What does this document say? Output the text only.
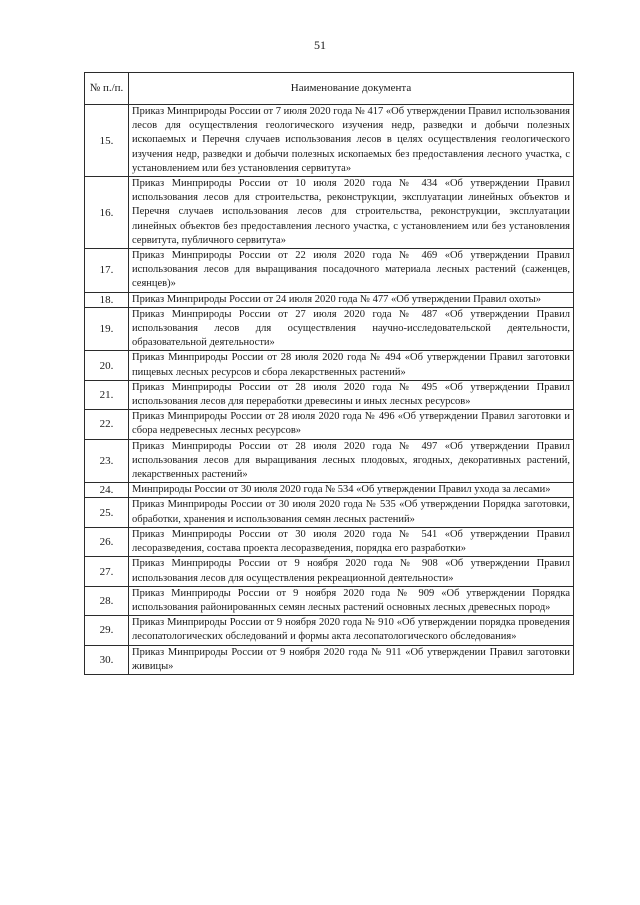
51
№ п./п.	Наименование документа
15.	Приказ Минприроды России от 7 июля 2020 года № 417 «Об утверждении Правил использования лесов для осуществления геологического изучения недр, разведки и добычи полезных ископаемых и Перечня случаев использования лесов в целях осуществления геологического изучения недр, разведки и добычи полезных ископаемых без предоставления лесного участка, с установлением или без установления сервитута»
16.	Приказ Минприроды России от 10 июля 2020 года № 434 «Об утверждении Правил использования лесов для строительства, реконструкции, эксплуатации линейных объектов и Перечня случаев использования лесов для строительства, реконструкции, эксплуатации линейных объектов без предоставления лесного участка, с установлением или без установления сервитута, публичного сервитута»
17.	Приказ Минприроды России от 22 июля 2020 года № 469 «Об утверждении Правил использования лесов для выращивания посадочного материала лесных растений (саженцев, сеянцев)»
18.	Приказ Минприроды России от 24 июля 2020 года № 477 «Об утверждении Правил охоты»
19.	Приказ Минприроды России от 27 июля 2020 года № 487 «Об утверждении Правил использования лесов для осуществления научно-исследовательской деятельности, образовательной деятельности»
20.	Приказ Минприроды России от 28 июля 2020 года № 494 «Об утверждении Правил заготовки пищевых лесных ресурсов и сбора лекарственных растений»
21.	Приказ Минприроды России от 28 июля 2020 года № 495 «Об утверждении Правил использования лесов для переработки древесины и иных лесных ресурсов»
22.	Приказ Минприроды России от 28 июля 2020 года № 496 «Об утверждении Правил заготовки и сбора недревесных лесных ресурсов»
23.	Приказ Минприроды России от 28 июля 2020 года № 497 «Об утверждении Правил использования лесов для выращивания лесных плодовых, ягодных, декоративных растений, лекарственных растений»
24.	Минприроды России от 30 июля 2020 года № 534 «Об утверждении Правил ухода за лесами»
25.	Приказ Минприроды России от 30 июля 2020 года № 535 «Об утверждении Порядка заготовки, обработки, хранения и использования семян лесных растений»
26.	Приказ Минприроды России от 30 июля 2020 года № 541 «Об утверждении Правил лесоразведения, состава проекта лесоразведения, порядка его разработки»
27.	Приказ Минприроды России от 9 ноября 2020 года № 908 «Об утверждении Правил использования лесов для осуществления рекреационной деятельности»
28.	Приказ Минприроды России от 9 ноября 2020 года № 909 «Об утверждении Порядка использования районированных семян лесных растений основных лесных древесных пород»
29.	Приказ Минприроды России от 9 ноября 2020 года № 910 «Об утверждении порядка проведения лесопатологических обследований и формы акта лесопатологического обследования»
30.	Приказ Минприроды России от 9 ноября 2020 года № 911 «Об утверждении Правил заготовки живицы»
